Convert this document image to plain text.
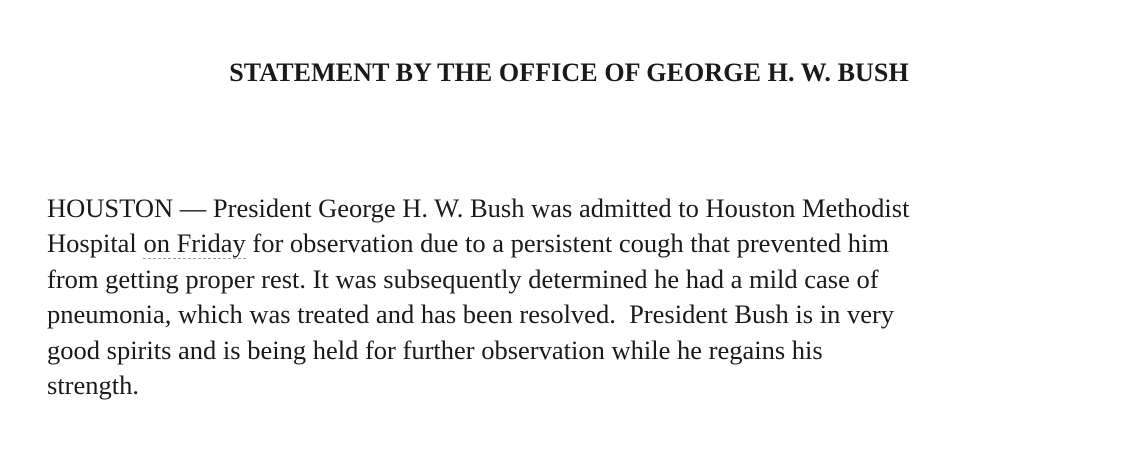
STATEMENT BY THE OFFICE OF GEORGE H. W. BUSH
HOUSTON — President George H. W. Bush was admitted to Houston Methodist
Hospital on Friday for observation due to a persistent cough that prevented him
from getting proper rest. It was subsequently determined he had a mild case of
pneumonia, which was treated and has been resolved.  President Bush is in very
good spirits and is being held for further observation while he regains his
strength.
